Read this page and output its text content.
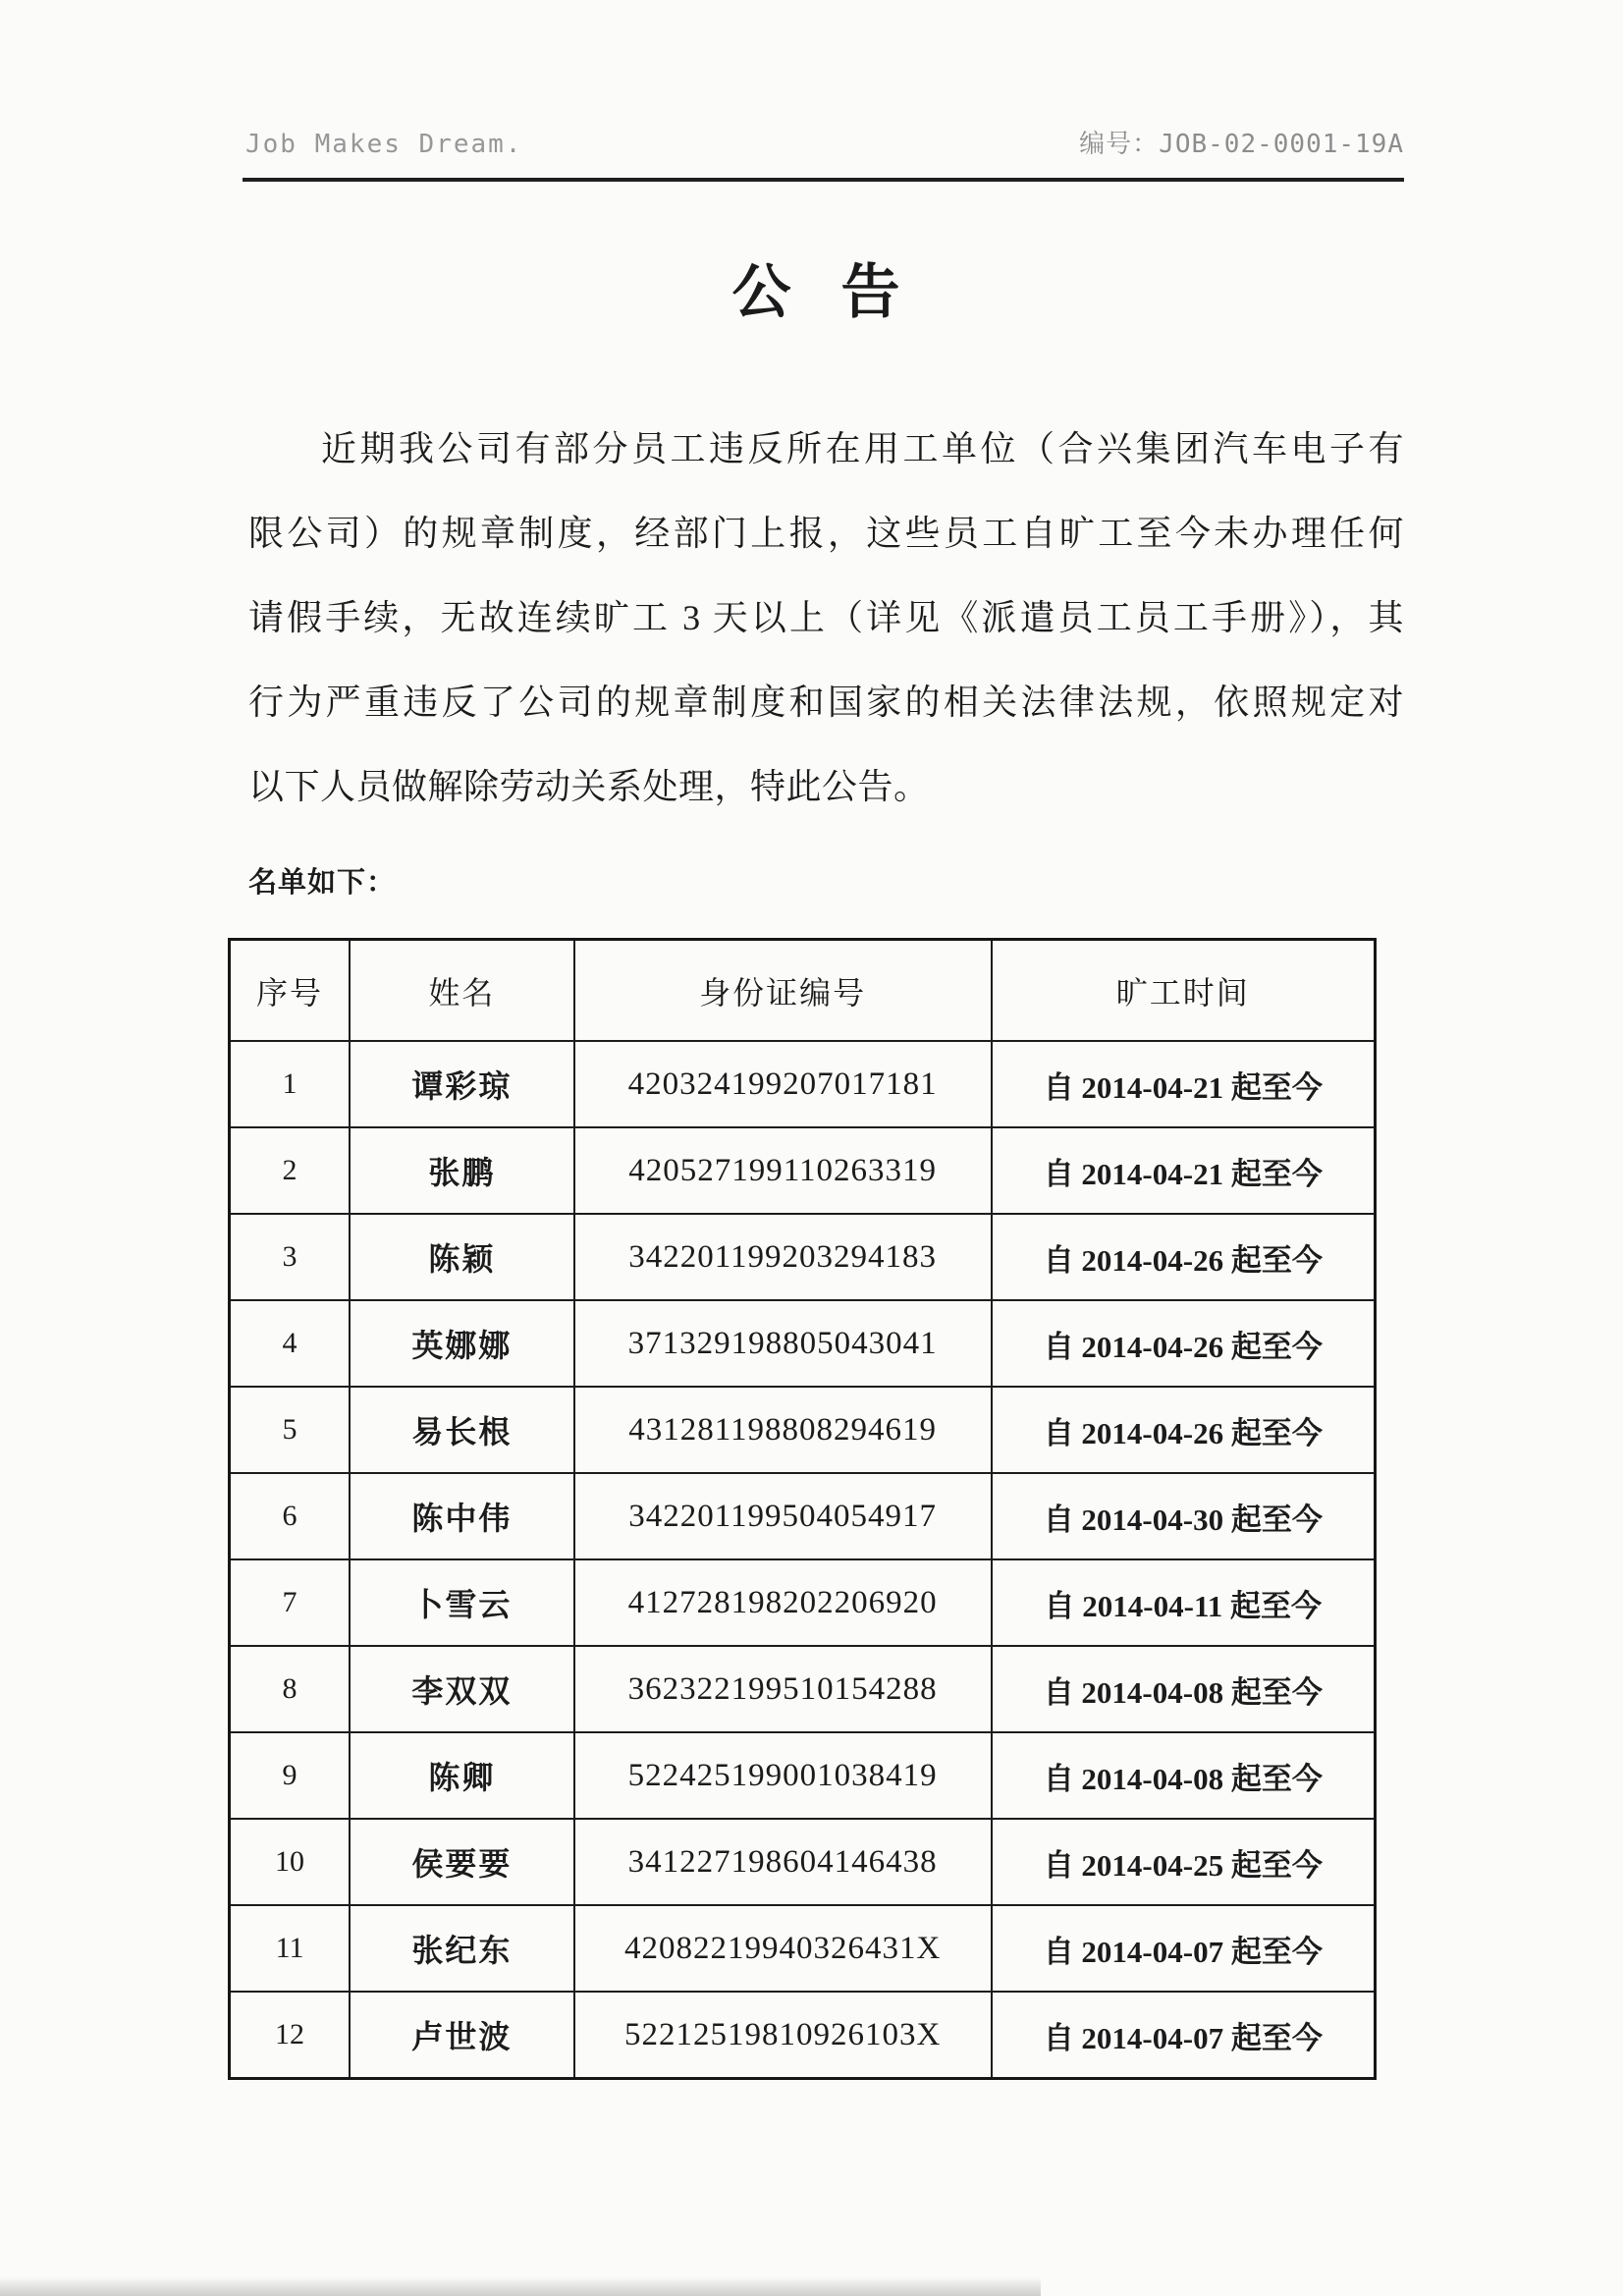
Job Makes Dream.	编号：JOB-02-0001-19A
公 告
近期我公司有部分员工违反所在用工单位（合兴集团汽车电子有
限公司）的规章制度，经部门上报，这些员工自旷工至今未办理任何
请假手续，无故连续旷工 3 天以上（详见《派遣员工员工手册》），其
行为严重违反了公司的规章制度和国家的相关法律法规，依照规定对
以下人员做解除劳动关系处理，特此公告。
名单如下：
序号	姓名	身份证编号	旷工时间
1	谭彩琼	420324199207017181	自 2014-04-21 起至今
2	张鹏	420527199110263319	自 2014-04-21 起至今
3	陈颖	342201199203294183	自 2014-04-26 起至今
4	英娜娜	371329198805043041	自 2014-04-26 起至今
5	易长根	431281198808294619	自 2014-04-26 起至今
6	陈中伟	342201199504054917	自 2014-04-30 起至今
7	卜雪云	412728198202206920	自 2014-04-11 起至今
8	李双双	362322199510154288	自 2014-04-08 起至今
9	陈卿	522425199001038419	自 2014-04-08 起至今
10	侯要要	341227198604146438	自 2014-04-25 起至今
11	张纪东	42082219940326431X	自 2014-04-07 起至今
12	卢世波	52212519810926103X	自 2014-04-07 起至今
